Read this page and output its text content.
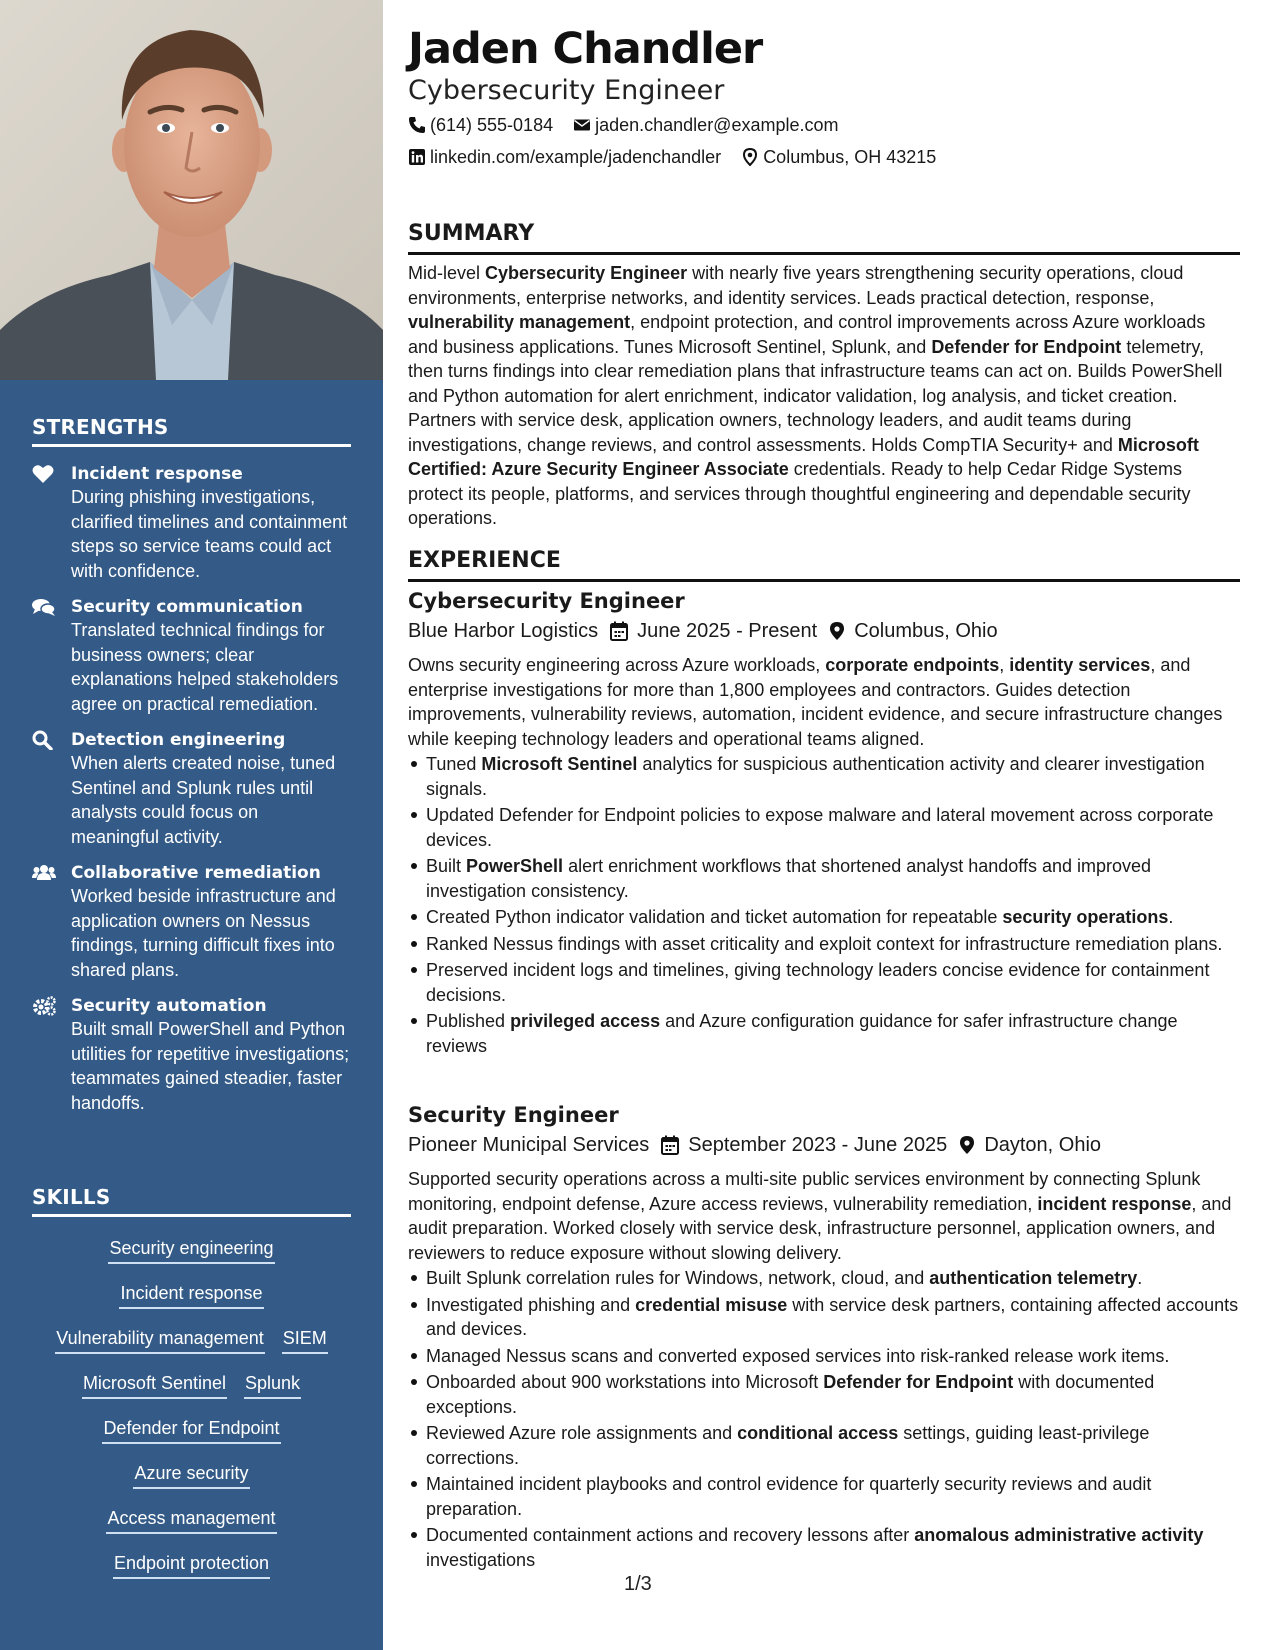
STRENGTHS
Incident response
During phishing investigations, clarified timelines and containment steps so service teams could act with confidence.
Security communication
Translated technical findings for business owners; clear explanations helped stakeholders agree on practical remediation.
Detection engineering
When alerts created noise, tuned Sentinel and Splunk rules until analysts could focus on meaningful activity.
Collaborative remediation
Worked beside infrastructure and application owners on Nessus findings, turning difficult fixes into shared plans.
Security automation
Built small PowerShell and Python utilities for repetitive investigations; teammates gained steadier, faster handoffs.
SKILLS
Security engineering
Incident response
Vulnerability management SIEM
Microsoft Sentinel Splunk
Defender for Endpoint
Azure security
Access management
Endpoint protection
Jaden Chandler
Cybersecurity Engineer
(614) 555-0184 jaden.chandler@example.com
linkedin.com/example/jadenchandler Columbus, OH 43215
SUMMARY
Mid-level Cybersecurity Engineer with nearly five years strengthening security operations, cloud environments, enterprise networks, and identity services. Leads practical detection, response, vulnerability management, endpoint protection, and control improvements across Azure workloads and business applications. Tunes Microsoft Sentinel, Splunk, and Defender for Endpoint telemetry, then turns findings into clear remediation plans that infrastructure teams can act on. Builds PowerShell and Python automation for alert enrichment, indicator validation, log analysis, and ticket creation. Partners with service desk, application owners, technology leaders, and audit teams during investigations, change reviews, and control assessments. Holds CompTIA Security+ and Microsoft Certified: Azure Security Engineer Associate credentials. Ready to help Cedar Ridge Systems protect its people, platforms, and services through thoughtful engineering and dependable security operations.
EXPERIENCE
Cybersecurity Engineer
Blue Harbor Logistics June 2025 - Present Columbus, Ohio
Owns security engineering across Azure workloads, corporate endpoints, identity services, and enterprise investigations for more than 1,800 employees and contractors. Guides detection improvements, vulnerability reviews, automation, incident evidence, and secure infrastructure changes while keeping technology leaders and operational teams aligned.
Tuned Microsoft Sentinel analytics for suspicious authentication activity and clearer investigation signals.
Updated Defender for Endpoint policies to expose malware and lateral movement across corporate devices.
Built PowerShell alert enrichment workflows that shortened analyst handoffs and improved investigation consistency.
Created Python indicator validation and ticket automation for repeatable security operations.
Ranked Nessus findings with asset criticality and exploit context for infrastructure remediation plans.
Preserved incident logs and timelines, giving technology leaders concise evidence for containment decisions.
Published privileged access and Azure configuration guidance for safer infrastructure change reviews
Security Engineer
Pioneer Municipal Services September 2023 - June 2025 Dayton, Ohio
Supported security operations across a multi-site public services environment by connecting Splunk monitoring, endpoint defense, Azure access reviews, vulnerability remediation, incident response, and audit preparation. Worked closely with service desk, infrastructure personnel, application owners, and reviewers to reduce exposure without slowing delivery.
Built Splunk correlation rules for Windows, network, cloud, and authentication telemetry.
Investigated phishing and credential misuse with service desk partners, containing affected accounts and devices.
Managed Nessus scans and converted exposed services into risk-ranked release work items.
Onboarded about 900 workstations into Microsoft Defender for Endpoint with documented exceptions.
Reviewed Azure role assignments and conditional access settings, guiding least-privilege corrections.
Maintained incident playbooks and control evidence for quarterly security reviews and audit preparation.
Documented containment actions and recovery lessons after anomalous administrative activity investigations
1/3
